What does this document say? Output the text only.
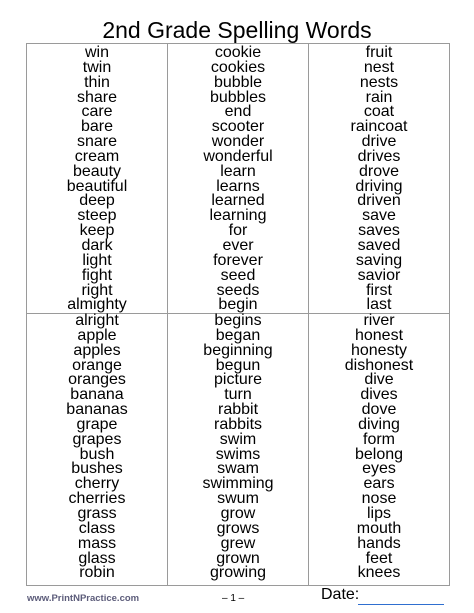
2nd Grade Spelling Words
win
twin
thin
share
care
bare
snare
cream
beauty
beautiful
deep
steep
keep
dark
light
fight
right
almighty
cookie
cookies
bubble
bubbles
end
scooter
wonder
wonderful
learn
learns
learned
learning
for
ever
forever
seed
seeds
begin
fruit
nest
nests
rain
coat
raincoat
drive
drives
drove
driving
driven
save
saves
saved
saving
savior
first
last
alright
apple
apples
orange
oranges
banana
bananas
grape
grapes
bush
bushes
cherry
cherries
grass
class
mass
glass
robin
begins
began
beginning
begun
picture
turn
rabbit
rabbits
swim
swims
swam
swimming
swum
grow
grows
grew
grown
growing
river
honest
honesty
dishonest
dive
dives
dove
diving
form
belong
eyes
ears
nose
lips
mouth
hands
feet
knees
www.PrintNPractice.com	– 1 –	Date:
